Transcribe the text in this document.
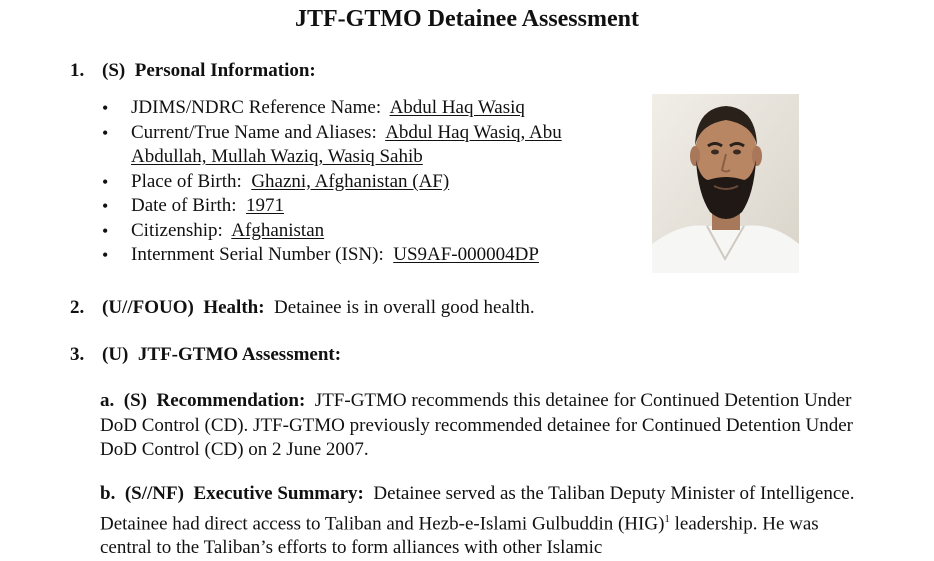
JTF-GTMO Detainee Assessment
1. (S) Personal Information:
• JDIMS/NDRC Reference Name: Abdul Haq Wasiq
• Current/True Name and Aliases: Abdul Haq Wasiq, Abu Abdullah, Mullah Waziq, Wasiq Sahib
• Place of Birth: Ghazni, Afghanistan (AF)
• Date of Birth: 1971
• Citizenship: Afghanistan
• Internment Serial Number (ISN): US9AF-000004DP
2. (U//FOUO) Health: Detainee is in overall good health.
3. (U) JTF-GTMO Assessment:
a. (S) Recommendation: JTF-GTMO recommends this detainee for Continued Detention Under DoD Control (CD). JTF-GTMO previously recommended detainee for Continued Detention Under DoD Control (CD) on 2 June 2007.
b. (S//NF) Executive Summary: Detainee served as the Taliban Deputy Minister of Intelligence. Detainee had direct access to Taliban and Hezb-e-Islami Gulbuddin (HIG)$^1$ leadership. He was central to the Taliban’s efforts to form alliances with other Islamic
